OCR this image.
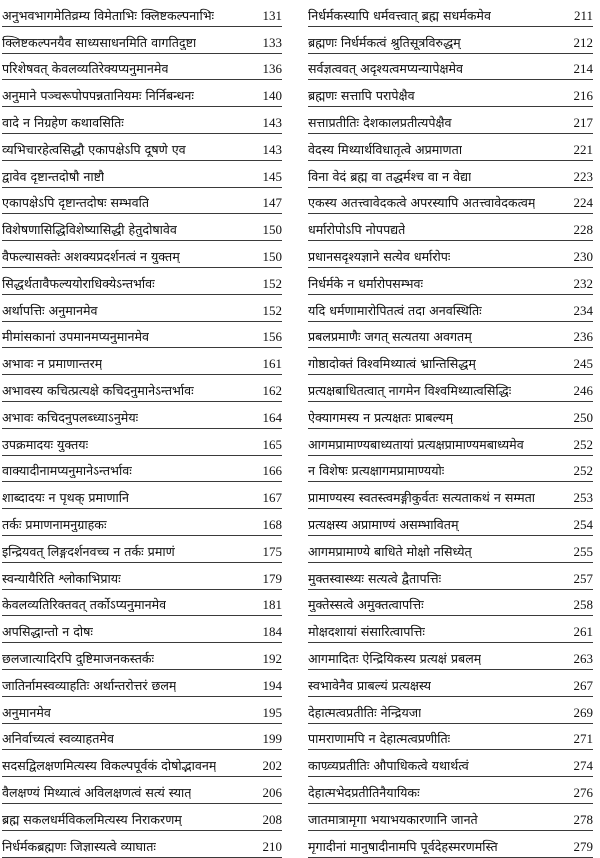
अनुभवभागमेतिव्रम्य विमेताभिः क्लिष्टकल्पनाभिः	131
क्लिष्टकल्पनयैव साध्यसाधनमिति वागतिदुष्टा	133
परिशेषवत् केवलव्यतिरेक्यप्यनुमानमेव	136
अनुमाने पञ्चरूपोपपन्नतानियमः निर्निबन्धनः	140
वादे न निग्रहेण कथावसितिः	143
व्यभिचारहेत्वसिद्धौ एकापक्षेऽपि दूषणे एव	143
द्वावेव दृष्टान्तदोषौ नाष्टौ	145
एकापक्षेऽपि दृष्टान्तदोषः सम्भवति	147
विशेषणासिद्धिविशेष्यासिद्धी हेतुदोषावेव	150
वैफल्यासक्तेः अशक्यप्रदर्शनत्वं न युक्तम्	150
सिद्धर्थतावैफल्ययोराधिक्येऽन्तर्भावः	152
अर्थापत्तिः अनुमानमेव	152
मीमांसकानां उपमानमप्यनुमानमेव	156
अभावः न प्रमाणान्तरम्	161
अभावस्य कचित्प्रत्यक्षे कचिदनुमानेऽन्तर्भावः	162
अभावः कचिदनुपलब्ध्याऽनुमेयः	164
उपक्रमादयः युक्तयः	165
वाक्यादीनामप्यनुमानेऽन्तर्भावः	166
शाब्दादयः न पृथक् प्रमाणानि	167
तर्कः प्रमाणनामनुग्राहकः	168
इन्द्रियवत् लिङ्गदर्शनवच्च न तर्कः प्रमाणं	175
स्वन्यायैरिति श्लोकाभिप्रायः	179
केवलव्यतिरिक्तवत् तर्कोऽप्यनुमानमेव	181
अपसिद्धान्तो न दोषः	184
छलजात्यादिरपि दुष्टिमाजनकस्तर्कः	192
जातिर्नामस्वव्याहतिः अर्थान्तरोत्तरं छलम्	194
अनुमानमेव	195
अनिर्वाच्यत्वं स्वव्याहतमेव	199
सदसद्विलक्षणमित्यस्य विकल्पपूर्वकं दोषोद्भावनम्	202
वैलक्षण्यं मिथ्यात्वं अविलक्षणत्वं सत्यं स्यात्	206
ब्रह्म सकलधर्मविकलमित्यस्य निराकरणम्	208
निर्धर्मकब्रह्मणः जिज्ञास्यत्वे व्याघातः	210
निर्धर्मकस्यापि धर्मवत्त्वात् ब्रह्म सधर्मकमेव	211
ब्रह्मणः निर्धर्मकत्वं श्रुतिसूत्रविरुद्धम्	212
सर्वज्ञत्ववत् अदृश्यत्वमप्यन्यापेक्षमेव	214
ब्रह्मणः सत्तापि परापेक्षैव	216
सत्ताप्रतीतिः देशकालप्रतीत्यपेक्षैव	217
वेदस्य मिथ्यार्थविधातृत्वे अप्रमाणता	221
विना वेदं ब्रह्म वा तद्धर्मश्च वा न वेद्या	223
एकस्य अतत्त्वावेदकत्वे अपरस्यापि अतत्त्वावेदकत्वम्	224
धर्मारोपोऽपि नोपपद्यते	228
प्रधानसदृश्यज्ञाने सत्येव धर्मारोपः	230
निर्धर्मके न धर्मारोपसम्भवः	232
यदि धर्मणामारोपितत्वं तदा अनवस्थितिः	234
प्रबलप्रमाणैः जगत् सत्यतया अवगतम्	236
गोष्ठादोक्तं विश्वमिथ्यात्वं भ्रान्तिसिद्धम्	245
प्रत्यक्षबाधितत्वात् नागमेन विश्वमिथ्यात्वसिद्धिः	246
ऐक्यागमस्य न प्रत्यक्षतः प्राबल्यम्	250
आगमप्रामाण्यबाध्यतायां प्रत्यक्षप्रामाण्यमबाध्यमेव	252
न विशेषः प्रत्यक्षागमप्रामाण्ययोः	252
प्रामाण्यस्य स्वतस्त्वमङ्गीकुर्वतः सत्यताकथं न सम्मता	253
प्रत्यक्षस्य अप्रामाण्यं असम्भावितम्	254
आगमप्रामाण्ये बाधिते मोक्षो नसिध्येत्	255
मुक्तस्वास्थ्यः सत्यत्वे द्वैतापत्तिः	257
मुक्तेस्सत्वे अमुक्तत्वापत्तिः	258
मोक्षदशायां संसारित्वापत्तिः	261
आगमादितः ऐन्द्रियिकस्य प्रत्यक्षं प्रबलम्	263
स्वभावेनैव प्राबल्यं प्रत्यक्षस्य	267
देहात्मत्वप्रतीतिः नेन्द्रियजा	269
पामराणामपि न देहात्मत्वप्रणीतिः	271
काण्र्व्यप्रतीतिः औपाधिकत्वे यथार्थत्वं	274
देहात्मभेदप्रतीतिनैयायिकः	276
जातमात्रामृगा भयाभयकारणानि जानते	278
मृगादीनां मानुषादीनामपि पूर्वदेहस्मरणमस्ति	279
